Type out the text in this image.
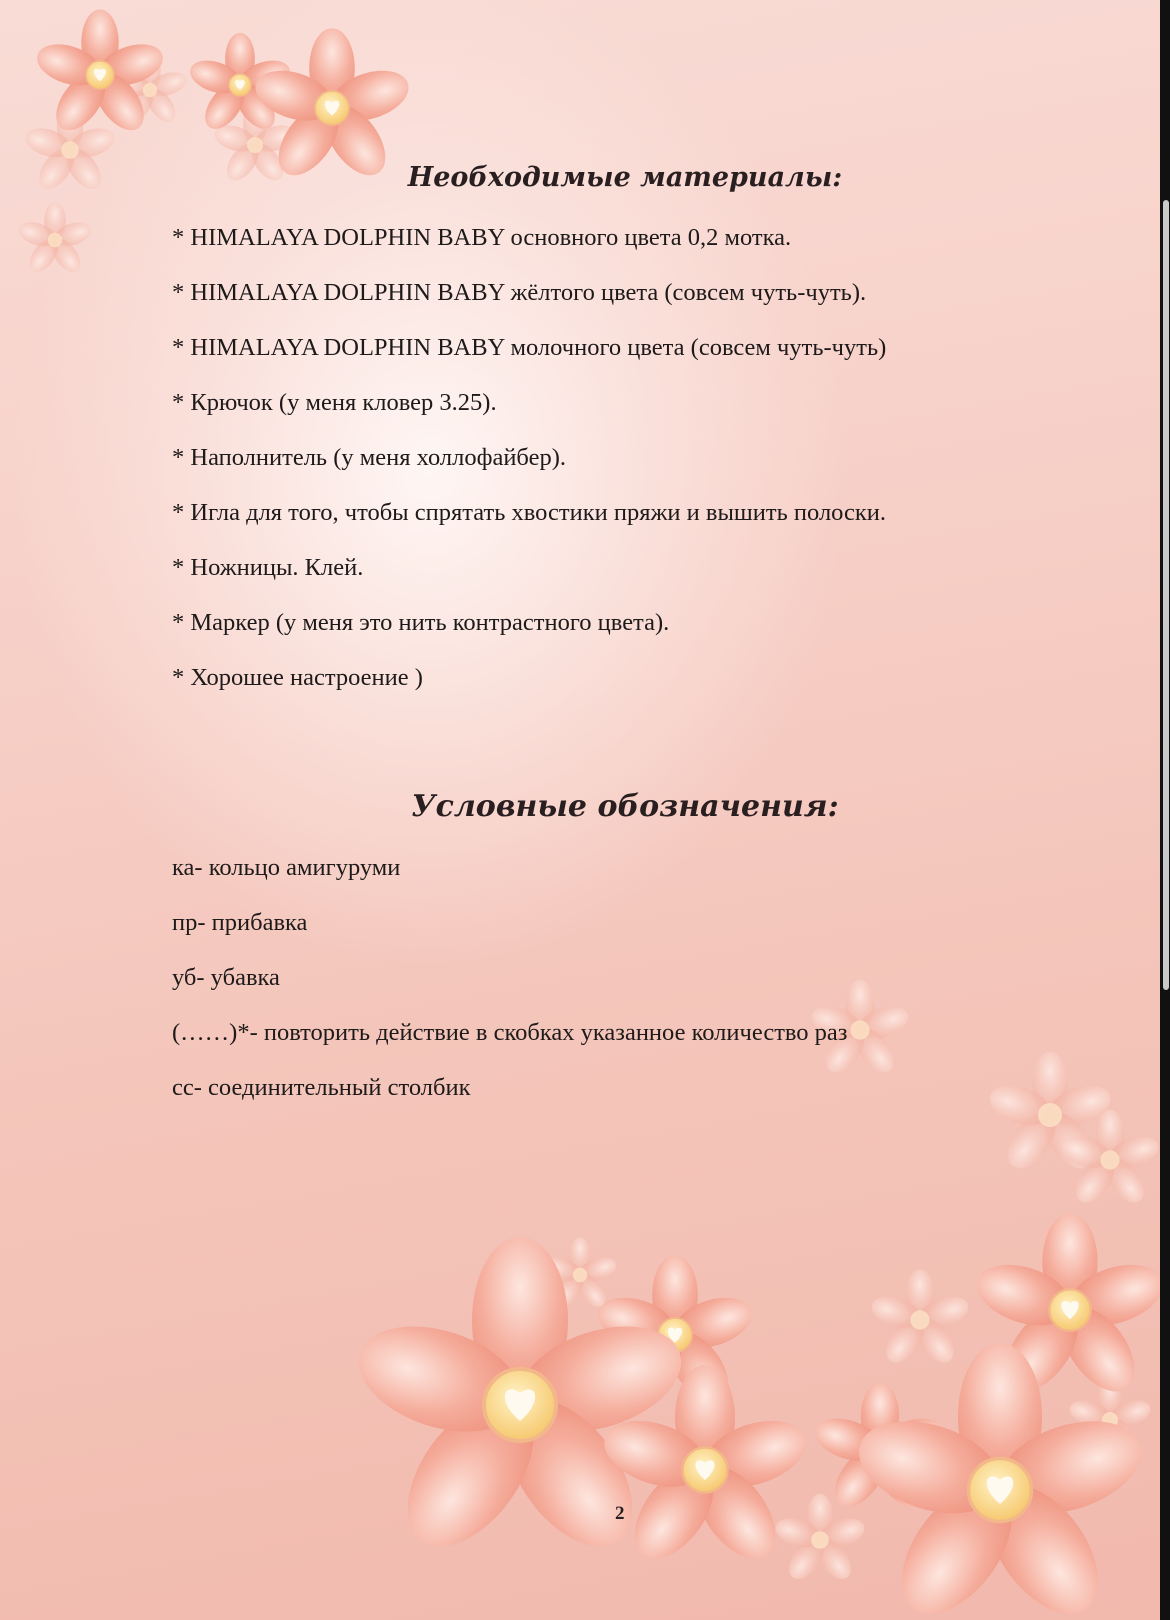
Необходимые материалы:
* HIMALAYA DOLPHIN BABY основного цвета 0,2 мотка.
* HIMALAYA DOLPHIN BABY жёлтого цвета (совсем чуть-чуть).
* HIMALAYA DOLPHIN BABY молочного цвета (совсем чуть-чуть)
* Крючок (у меня кловер 3.25).
* Наполнитель (у меня холлофайбер).
* Игла для того, чтобы спрятать хвостики пряжи и вышить полоски.
* Ножницы. Клей.
* Маркер (у меня это нить контрастного цвета).
* Хорошее настроение )
Условные обозначения:
ка- кольцо амигуруми
пр- прибавка
уб- убавка
(……)*- повторить действие в скобках указанное количество раз
сс- соединительный столбик
2
